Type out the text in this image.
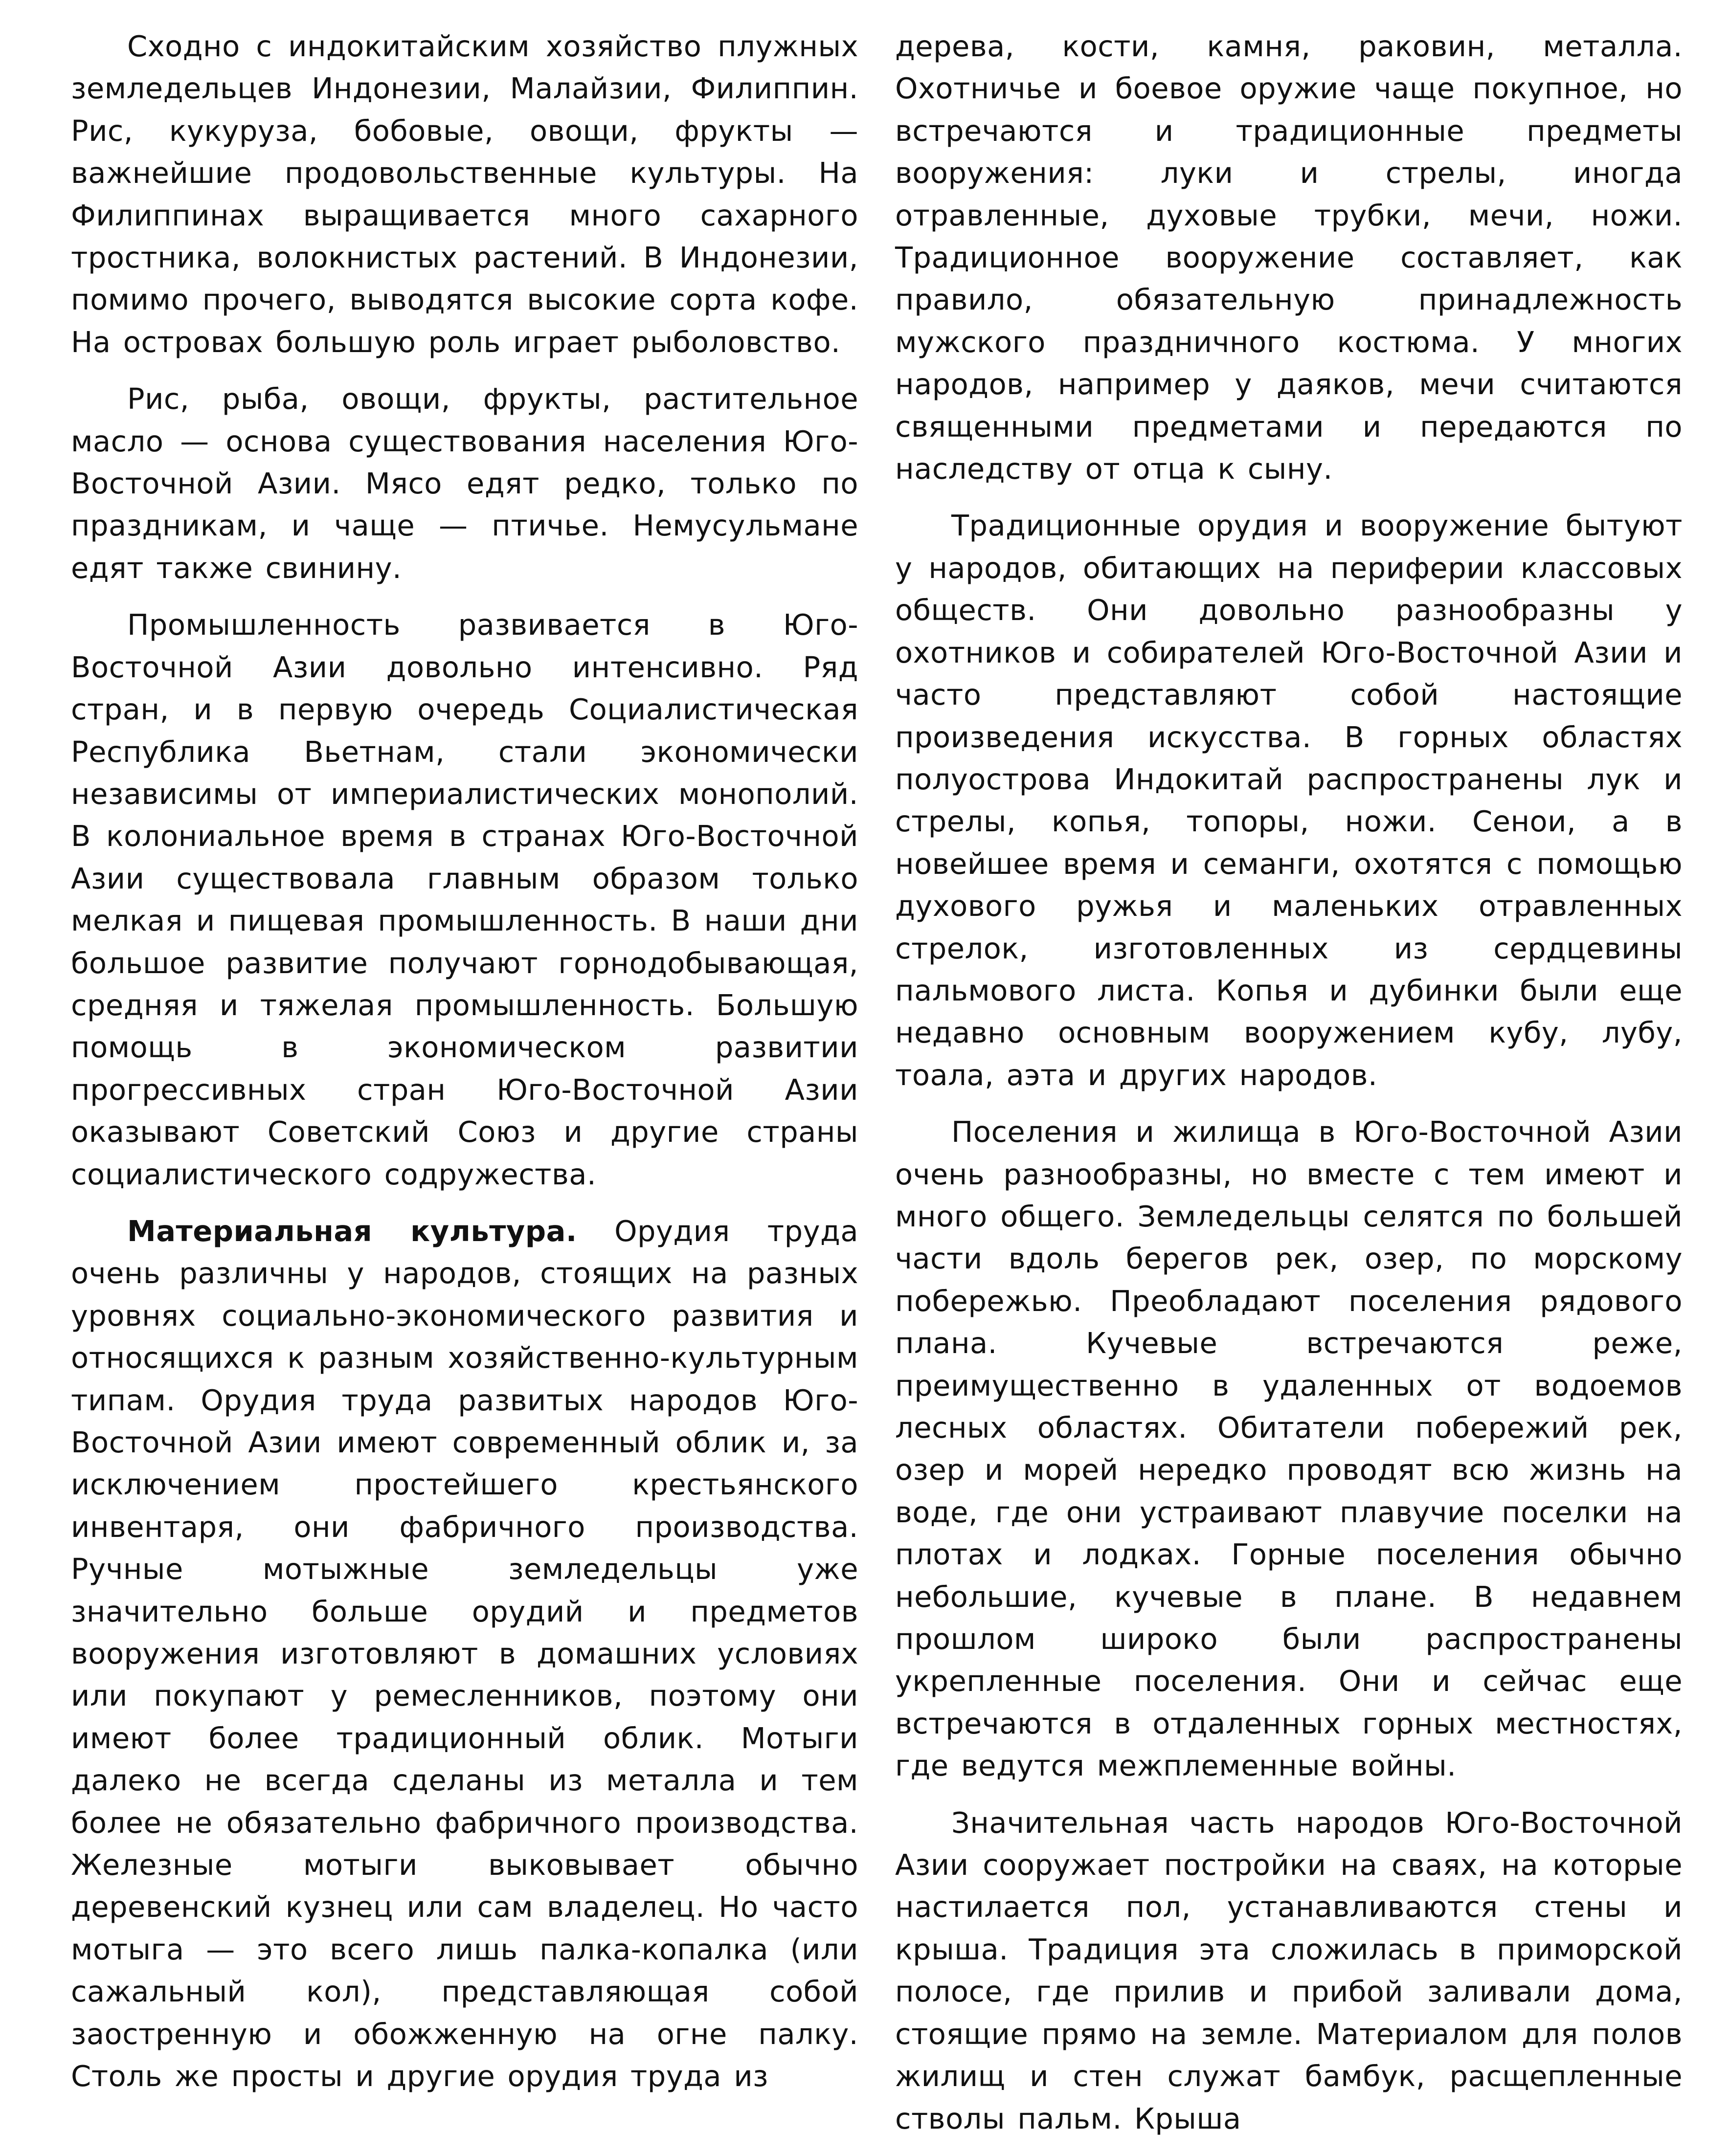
Сходно с индокитайским хозяйство плужных земледельцев Индонезии, Малайзии, Филиппин. Рис, кукуруза, бобовые, овощи, фрукты — важнейшие продовольственные культуры. На Филиппинах выращивается много сахарного тростника, волокнистых растений. В Индонезии, помимо прочего, выводятся высокие сорта кофе. На островах большую роль играет рыболовство.

Рис, рыба, овощи, фрукты, растительное масло — основа существования населения Юго-Восточной Азии. Мясо едят редко, только по праздникам, и чаще — птичье. Немусульмане едят также свинину.

Промышленность развивается в Юго-Восточной Азии довольно интенсивно. Ряд стран, и в первую очередь Социалистическая Республика Вьетнам, стали экономически независимы от империалистических монополий. В колониальное время в странах Юго-Восточной Азии существовала главным образом только мелкая и пищевая промышленность. В наши дни большое развитие получают горнодобывающая, средняя и тяжелая промышленность. Большую помощь в экономическом развитии прогрессивных стран Юго-Восточной Азии оказывают Советский Союз и другие страны социалистического содружества.

Материальная культура. Орудия труда очень различны у народов, стоящих на разных уровнях социально-экономического развития и относящихся к разным хозяйственно-культурным типам. Орудия труда развитых народов Юго-Восточной Азии имеют современный облик и, за исключением простейшего крестьянского инвентаря, они фабричного производства. Ручные мотыжные земледельцы уже значительно больше орудий и предметов вооружения изготовляют в домашних условиях или покупают у ремесленников, поэтому они имеют более традиционный облик. Мотыги далеко не всегда сделаны из металла и тем более не обязательно фабричного производства. Железные мотыги выковывает обычно деревенский кузнец или сам владелец. Но часто мотыга — это всего лишь палка-копалка (или сажальный кол), представляющая собой заостренную и обожженную на огне палку. Столь же просты и другие орудия труда из

дерева, кости, камня, раковин, металла. Охотничье и боевое оружие чаще покупное, но встречаются и традиционные предметы вооружения: луки и стрелы, иногда отравленные, духовые трубки, мечи, ножи. Традиционное вооружение составляет, как правило, обязательную принадлежность мужского праздничного костюма. У многих народов, например у даяков, мечи считаются священными предметами и передаются по наследству от отца к сыну.

Традиционные орудия и вооружение бытуют у народов, обитающих на периферии классовых обществ. Они довольно разнообразны у охотников и собирателей Юго-Восточной Азии и часто представляют собой настоящие произведения искусства. В горных областях полуострова Индокитай распространены лук и стрелы, копья, топоры, ножи. Сенои, а в новейшее время и семанги, охотятся с помощью духового ружья и маленьких отравленных стрелок, изготовленных из сердцевины пальмового листа. Копья и дубинки были еще недавно основным вооружением кубу, лубу, тоала, аэта и других народов.

Поселения и жилища в Юго-Восточной Азии очень разнообразны, но вместе с тем имеют и много общего. Земледельцы селятся по большей части вдоль берегов рек, озер, по морскому побережью. Преобладают поселения рядового плана. Кучевые встречаются реже, преимущественно в удаленных от водоемов лесных областях. Обитатели побережий рек, озер и морей нередко проводят всю жизнь на воде, где они устраивают плавучие поселки на плотах и лодках. Горные поселения обычно небольшие, кучевые в плане. В недавнем прошлом широко были распространены укрепленные поселения. Они и сейчас еще встречаются в отдаленных горных местностях, где ведутся межплеменные войны.

Значительная часть народов Юго-Восточной Азии сооружает постройки на сваях, на которые настилается пол, устанавливаются стены и крыша. Традиция эта сложилась в приморской полосе, где прилив и прибой заливали дома, стоящие прямо на земле. Материалом для полов жилищ и стен служат бамбук, расщепленные стволы пальм. Крыша
